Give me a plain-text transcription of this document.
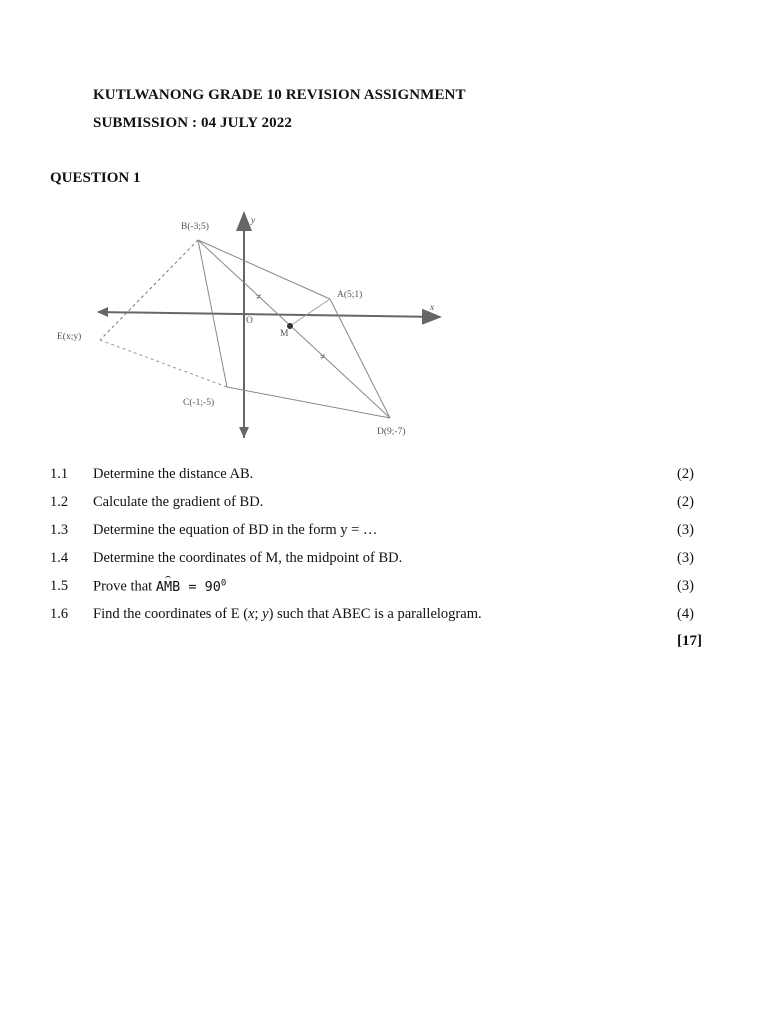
KUTLWANONG GRADE 10 REVISION ASSIGNMENT
SUBMISSION : 04 JULY 2022
QUESTION 1
≠
≠
B(-3;5)
A(5;1)
C(-1;-5)
D(9;-7)
E(x;y)
O
M
x
y
1.1 Determine the distance AB.	(2)
1.2 Calculate the gradient of BD.	(2)
1.3 Determine the equation of BD in the form y = …	(3)
1.4 Determine the coordinates of M, the midpoint of BD.	(3)
1.5 Prove that AMB = $90^0$	(3)
1.6 Find the coordinates of E (x; y) such that ABEC is a parallelogram.	(4)
[17]
